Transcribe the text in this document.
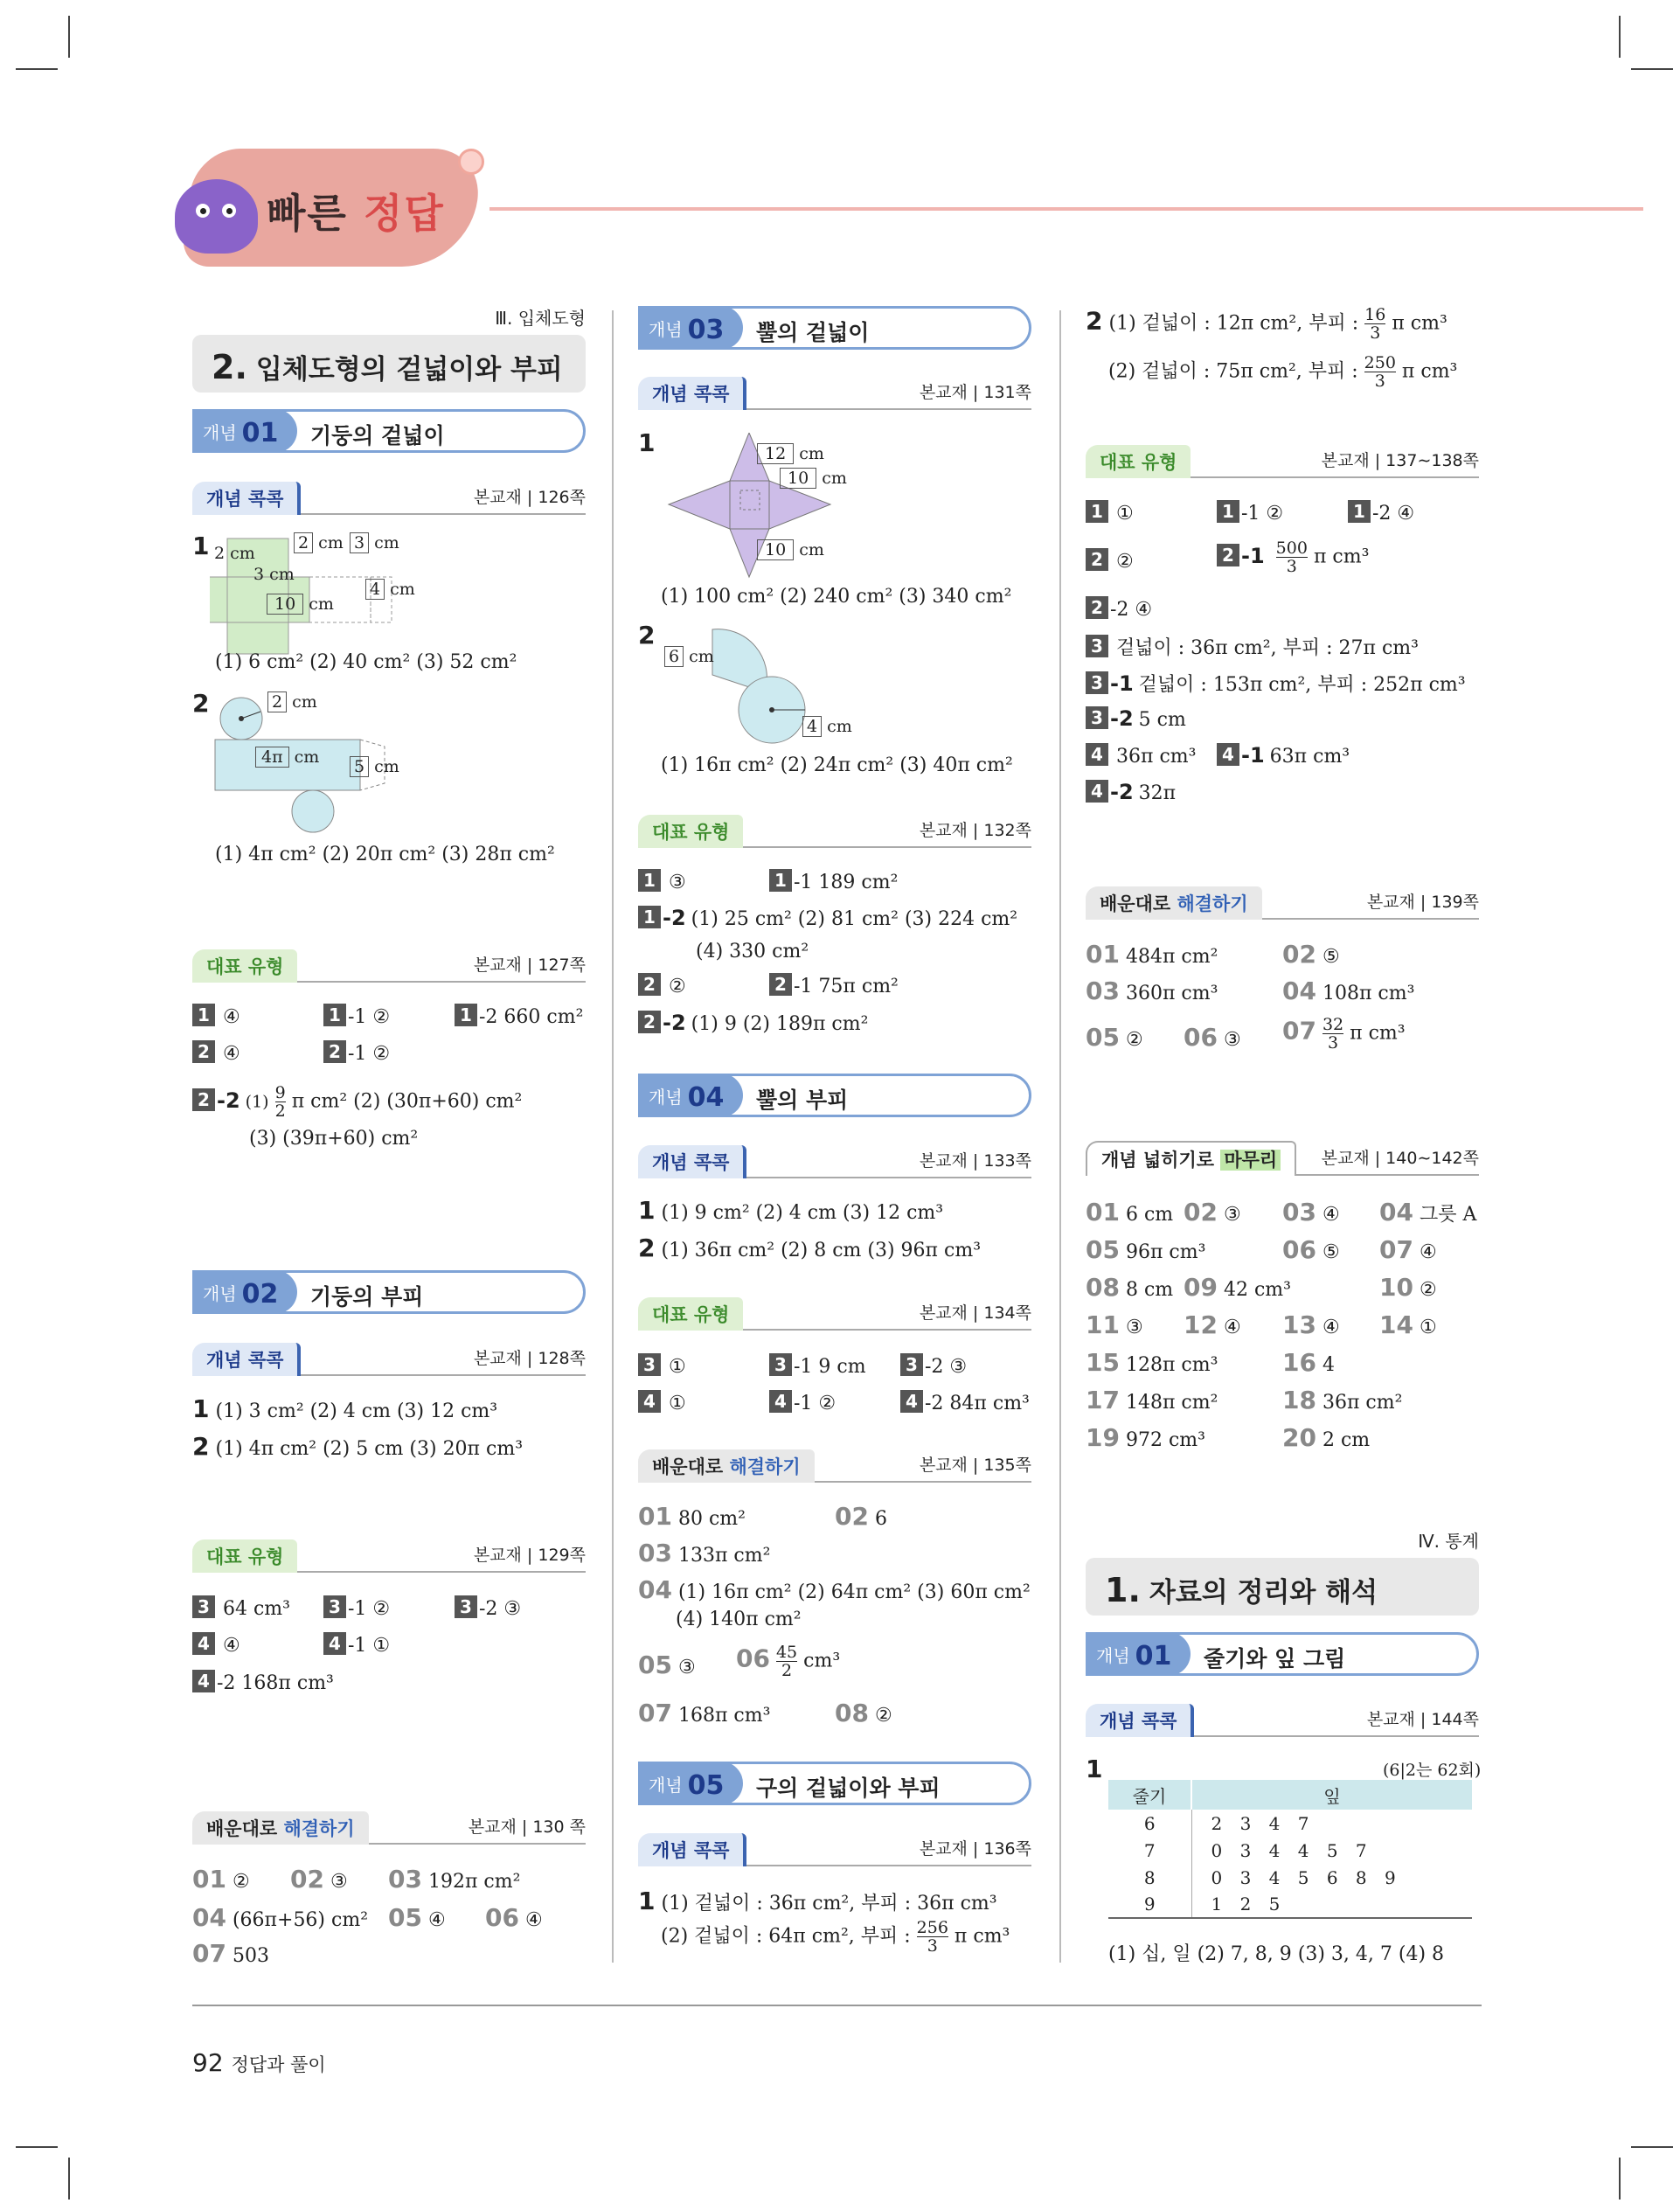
빠른 정답
Ⅲ. 입체도형
2. 입체도형의 겉넓이와 부피
개념 01	기둥의 겉넓이
개념 콕콕	본교재 | 126쪽
1 2 cm
2 cm 3 cm
3 cm
4 cm
10 cm
(1) 6 cm² (2) 40 cm² (3) 52 cm²
2	2 cm
4π cm 5 cm
(1) 4π cm² (2) 20π cm² (3) 28π cm²
대표 유형	본교재 | 127쪽
1 ④	1 -1 ②	1 -2 660 cm²
2 ④	2 -1 ②
2 -2 $(1) \frac{9}{2}$ π cm² (2) (30π+60) cm²
(3) (39π+60) cm²
개념 02	기둥의 부피
개념 콕콕	본교재 | 128쪽
1 (1) 3 cm² (2) 4 cm (3) 12 cm³
2 (1) 4π cm² (2) 5 cm (3) 20π cm³
대표 유형	본교재 | 129쪽
3 64 cm³	3 -1 ②	3 -2 ③
4 ④	4 -1 ①
4 -2 168π cm³
배운대로 해결하기	본교재 | 130 쪽
01 ② 02 ③ 03 192π cm²
04 (66π+56) cm² 05 ④ 06 ④
07 503
개념 03	뿔의 겉넓이
개념 콕콕	본교재 | 131쪽
1	12 cm
10 cm
10 cm
(1) 100 cm² (2) 240 cm² (3) 340 cm²
2
6 cm
4 cm
(1) 16π cm² (2) 24π cm² (3) 40π cm²
대표 유형	본교재 | 132쪽
1 ③	1 -1 189 cm²
1 -2 (1) 25 cm² (2) 81 cm² (3) 224 cm²
(4) 330 cm²
2 ②	2 -1 75π cm²
2 -2 (1) 9 (2) 189π cm²
개념 04	뿔의 부피
개념 콕콕	본교재 | 133쪽
1 (1) 9 cm² (2) 4 cm (3) 12 cm³
2 (1) 36π cm² (2) 8 cm (3) 96π cm³
대표 유형	본교재 | 134쪽
3 ①	3 -1 9 cm	3 -2 ③
4 ①	4 -1 ②	4 -2 84π cm³
배운대로 해결하기	본교재 | 135쪽
01 80 cm²	02 6
03 133π cm²
04 (1) 16π cm² (2) 64π cm² (3) 60π cm²
(4) 140π cm²
05 ③ $06 \frac{45}{2} cm^3$
07 168π cm³	08 ②
개념 05	구의 겉넓이와 부피
개념 콕콕	본교재 | 136쪽
1 (1) 겉넓이 : 36π cm², 부피 : 36π cm³
(2) 겉넓이 : 64π cm², 부피 : $\frac{256}{3}$ π cm³
2 (1) 겉넓이 : 12π cm², 부피 : $\frac{16}{3}$ π cm³
(2) 겉넓이 : 75π cm², 부피 : $\frac{250}{3}$ π cm³
대표 유형	본교재 | 137∼138쪽
1 ①	1 -1 ②	1 -2 ④
2 ②	2 $-1 \frac{500}{3}$ π cm³
2 -2 ④
3 겉넓이 : 36π cm², 부피 : 27π cm³
3 -1 겉넓이 : 153π cm², 부피 : 252π cm³
3 -2 5 cm
4 36π cm³	4 -1 63π cm³
4 -2 32π
배운대로 해결하기	본교재 | 139쪽
01 484π cm²	02 ⑤
03 360π cm³	04 108π cm³
05 ② 06 ③ $07 \frac{32}{3}$ π cm³
개념 넓히기로 마무리	본교재 | 140∼142쪽
01 6 cm 02 ③ 03 ④ 04 그릇 A
05 96π cm³	06 ⑤ 07 ④
08 8 cm 09 42 cm³	10 ②
11 ③ 12 ④ 13 ④ 14 ①
15 128π cm³	16 4
17 148π cm²	18 36π cm²
19 972 cm³	20 2 cm
Ⅳ. 통계
1. 자료의 정리와 해석
개념 01	줄기와 잎 그림
개념 콕콕	본교재 | 144쪽
1	(6|2는 62회)
줄기	잎
6	2 3 4 7
7	0 3 4 4 5 7
8	0 3 4 5 6 8 9
9	1 2 5
(1) 십, 일 (2) 7, 8, 9 (3) 3, 4, 7 (4) 8
92 정답과 풀이
